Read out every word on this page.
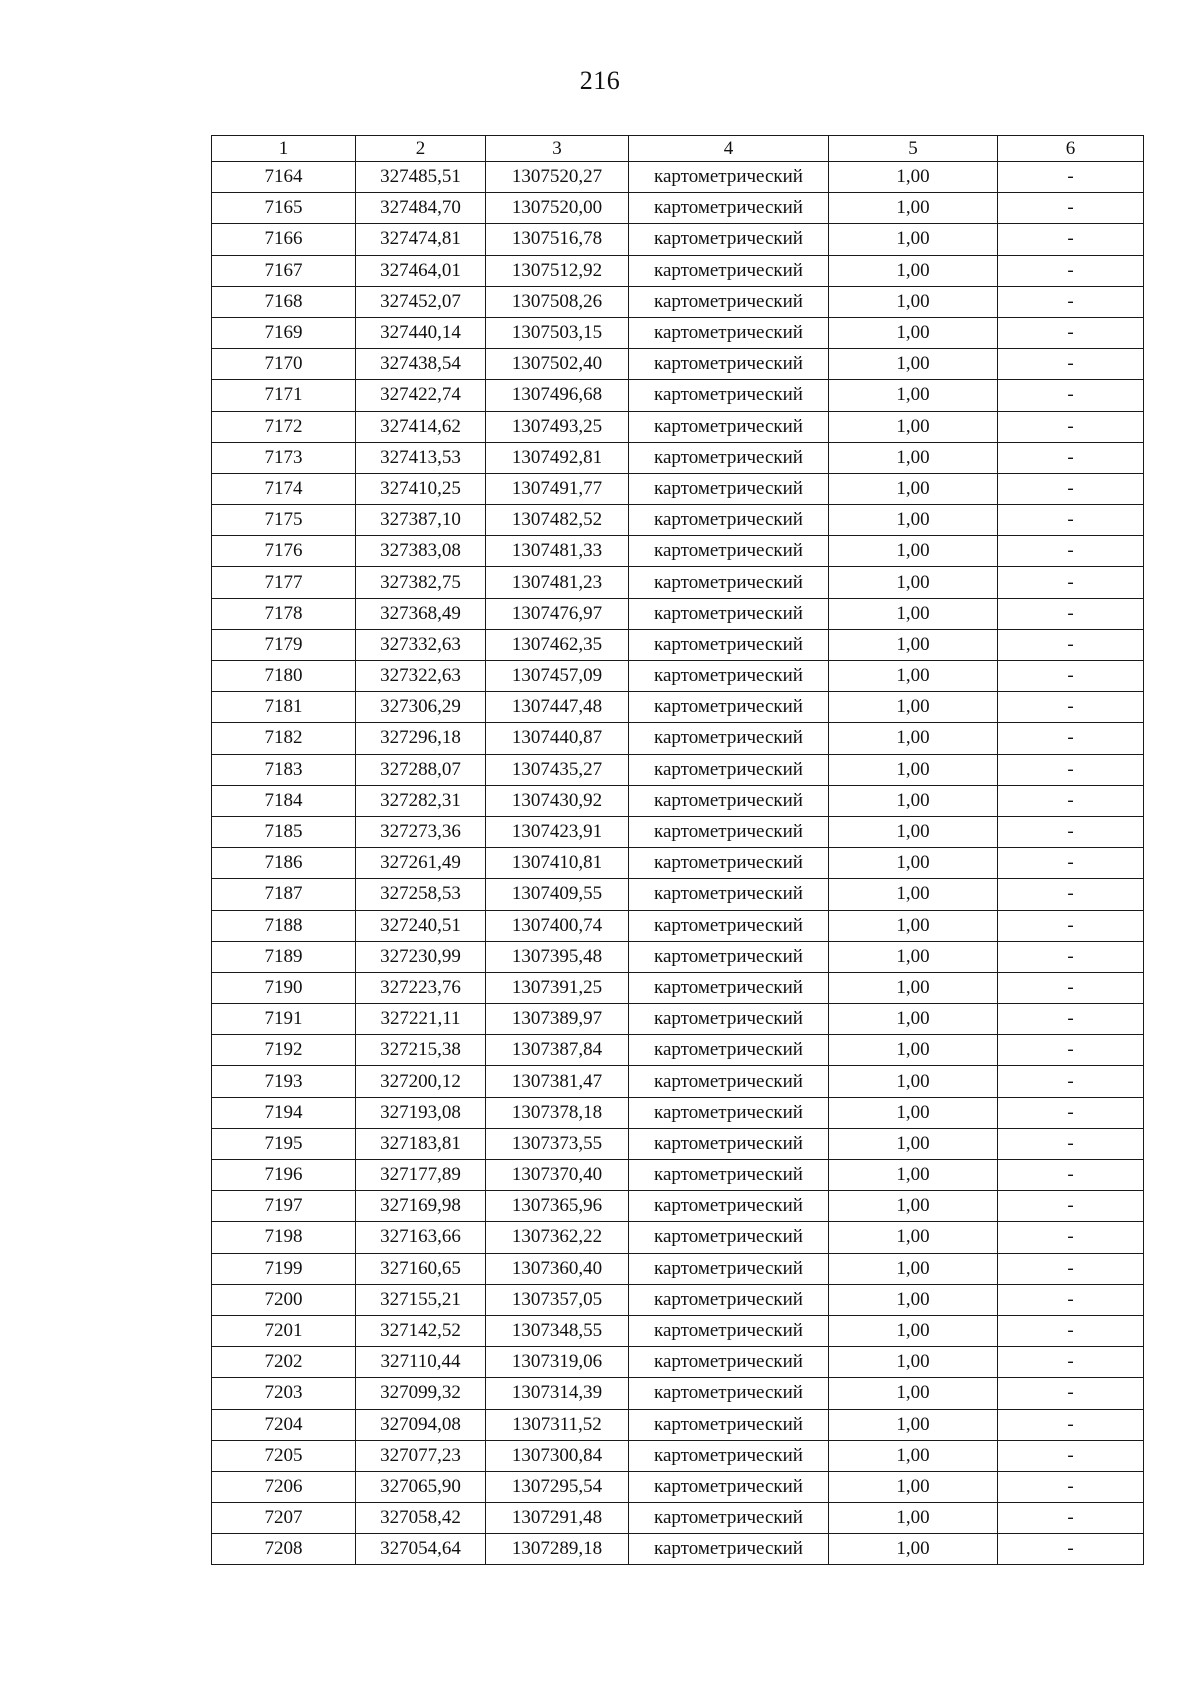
216
1	2	3	4	5	6
7164	327485,51	1307520,27	картометрический	1,00	-
7165	327484,70	1307520,00	картометрический	1,00	-
7166	327474,81	1307516,78	картометрический	1,00	-
7167	327464,01	1307512,92	картометрический	1,00	-
7168	327452,07	1307508,26	картометрический	1,00	-
7169	327440,14	1307503,15	картометрический	1,00	-
7170	327438,54	1307502,40	картометрический	1,00	-
7171	327422,74	1307496,68	картометрический	1,00	-
7172	327414,62	1307493,25	картометрический	1,00	-
7173	327413,53	1307492,81	картометрический	1,00	-
7174	327410,25	1307491,77	картометрический	1,00	-
7175	327387,10	1307482,52	картометрический	1,00	-
7176	327383,08	1307481,33	картометрический	1,00	-
7177	327382,75	1307481,23	картометрический	1,00	-
7178	327368,49	1307476,97	картометрический	1,00	-
7179	327332,63	1307462,35	картометрический	1,00	-
7180	327322,63	1307457,09	картометрический	1,00	-
7181	327306,29	1307447,48	картометрический	1,00	-
7182	327296,18	1307440,87	картометрический	1,00	-
7183	327288,07	1307435,27	картометрический	1,00	-
7184	327282,31	1307430,92	картометрический	1,00	-
7185	327273,36	1307423,91	картометрический	1,00	-
7186	327261,49	1307410,81	картометрический	1,00	-
7187	327258,53	1307409,55	картометрический	1,00	-
7188	327240,51	1307400,74	картометрический	1,00	-
7189	327230,99	1307395,48	картометрический	1,00	-
7190	327223,76	1307391,25	картометрический	1,00	-
7191	327221,11	1307389,97	картометрический	1,00	-
7192	327215,38	1307387,84	картометрический	1,00	-
7193	327200,12	1307381,47	картометрический	1,00	-
7194	327193,08	1307378,18	картометрический	1,00	-
7195	327183,81	1307373,55	картометрический	1,00	-
7196	327177,89	1307370,40	картометрический	1,00	-
7197	327169,98	1307365,96	картометрический	1,00	-
7198	327163,66	1307362,22	картометрический	1,00	-
7199	327160,65	1307360,40	картометрический	1,00	-
7200	327155,21	1307357,05	картометрический	1,00	-
7201	327142,52	1307348,55	картометрический	1,00	-
7202	327110,44	1307319,06	картометрический	1,00	-
7203	327099,32	1307314,39	картометрический	1,00	-
7204	327094,08	1307311,52	картометрический	1,00	-
7205	327077,23	1307300,84	картометрический	1,00	-
7206	327065,90	1307295,54	картометрический	1,00	-
7207	327058,42	1307291,48	картометрический	1,00	-
7208	327054,64	1307289,18	картометрический	1,00	-
